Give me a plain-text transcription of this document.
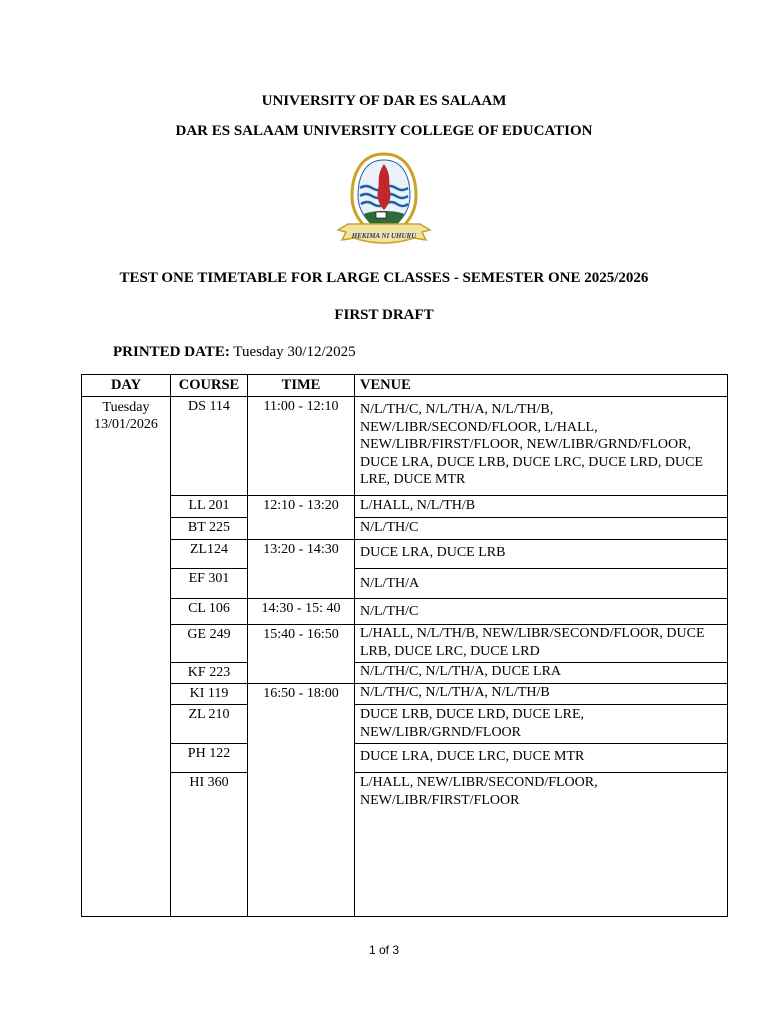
UNIVERSITY OF DAR ES SALAAM
DAR ES SALAAM UNIVERSITY COLLEGE OF EDUCATION
HEKIMA NI UHURU
TEST ONE TIMETABLE FOR LARGE CLASSES - SEMESTER ONE 2025/2026
FIRST DRAFT
PRINTED DATE: Tuesday 30/12/2025
DAY	COURSE	TIME	VENUE

Tuesday
13/01/2026	DS 114	11:00 - 12:10	N/L/TH/C, N/L/TH/A, N/L/TH/B, NEW/LIBR/SECOND/FLOOR, L/HALL, NEW/LIBR/FIRST/FLOOR, NEW/LIBR/GRND/FLOOR, DUCE LRA, DUCE LRB, DUCE LRC, DUCE LRD, DUCE LRE, DUCE MTR
	LL 201	12:10 - 13:20	L/HALL, N/L/TH/B
	BT 225		N/L/TH/C
	ZL124	13:20 - 14:30	DUCE LRA, DUCE LRB
	EF 301		N/L/TH/A
	CL 106	14:30 - 15: 40	N/L/TH/C
	GE 249	15:40 - 16:50	L/HALL, N/L/TH/B, NEW/LIBR/SECOND/FLOOR, DUCE LRB, DUCE LRC, DUCE LRD
	KF 223		N/L/TH/C, N/L/TH/A, DUCE LRA
	KI 119	16:50 - 18:00	N/L/TH/C, N/L/TH/A, N/L/TH/B
	ZL 210		DUCE LRB, DUCE LRD, DUCE LRE, NEW/LIBR/GRND/FLOOR
	PH 122		DUCE LRA, DUCE LRC, DUCE MTR
	HI 360		L/HALL, NEW/LIBR/SECOND/FLOOR, NEW/LIBR/FIRST/FLOOR
1 of 3
